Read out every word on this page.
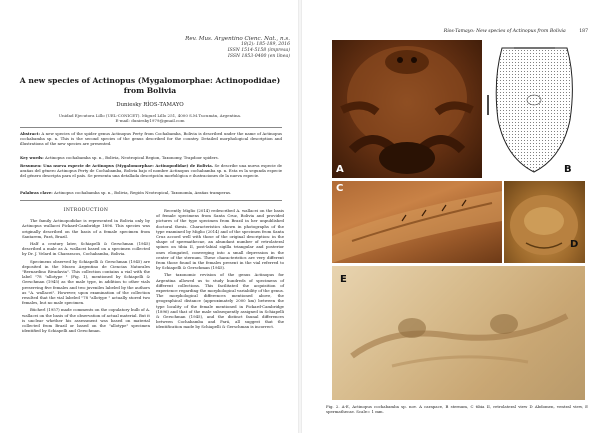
Rev. Mus. Argentino Cienc. Nat., n.s.
18(2): 185-189, 2016
ISSN 1514-5158 (impresa)
ISSN 1853-0400 (en línea)
A new species of Actinopus (Mygalomorphae: Actinopodidae)
from Bolivia
Duniesky RÍOS-TAMAYO
Unidad Ejecutora Lillo (UEL-CONICET). Miguel Lillo 251, 4000 S.M.Tucumán, Argentina.
E-mail: duniesky1979@gmail.com
Abstract: A new species of the spider genus Actinopus Perty from Cochabamba, Bolivia is described under the name of Actinopus cochabamba sp. n. This is the second species of the genus described for the country. Detailed morphological description and illustrations of the new species are presented.
Key words: Actinopus cochabamba sp. n., Bolivia, Neotropical Region, Taxonomy, Trapdoor spiders.
Resumen: Una nueva especie de Actinopus (Mygalomorphae: Actinopodidae) de Bolivia. Se describe una nueva especie de arañas del género Actinopus Perty de Cochabamba, Bolivia bajo el nombre Actinopus cochabamba sp. n. Esta es la segunda especie del género descripta para el país. Se presenta una detallada descripción morfológica e ilustraciones de la nueva especie.
Palabras clave: Actinopus cochabamba sp. n., Bolivia, Región Neotropical, Taxonomía, Arañas tramperas.
INTRODUCTION

The family Actinopodidae is represented in Bolivia only by Actinopus wallacei Pickard-Cambridge 1896. This species was originally described on the basis of a female specimen from Santarem, Pará, Brazil.

Half a century later, Schiapelli & Gerschman (1945) described a male as A. wallacei based on a specimen collected by Dr. J. Velard in Chararacos, Cochabamba, Bolivia.

Specimens observed by Schiapelli & Gerschman (1945) are deposited in the Museo Argentino de Ciencias Naturales "Bernardino Rivadavia". This collection contains a vial with the label "78 "allotype " (Fig. 1), mentioned by Schiapelli & Gerschman (1945) as the male type, in addition to other vials preserving five females and two juveniles labeled by the authors as "A. wallacei". However, upon examination of the collection resulted that the vial labeled "78 "allotype " actually stored two females, but no male specimen.

Bücherl (1957) made comments on the copulatory bulb of A. wallacei on the basis of the observation of actual material. But it is unclear whether his assessment was based on material collected from Brazil or based on the "allotype" specimen identified by Schiapelli and Gerschman.

Recently Miglio (2014) redescribed A. wallacei on the basis of female specimens from Santa Cruz, Bolivia and provided pictures of the type specimen from Brazil in her unpublished doctoral thesis. Characteristics shown in photographs of the type examined by Miglio (2014) and of the specimen from Santa Cruz accord well with those of the original description: in the shape of spermathecae, an abundant number of retrolateral spines on tibia II, post-labial sigilla triangular and posterior ones elongated, converging into a small depression in the center of the sternum. These characteristics are very different from those found in the females present in the vial referred to by Schiapelli & Gerschman (1945).

The taxonomic revision of the genus Actinopus for Argentina allowed us to study hundreds of specimens of different collections. This facilitated the acquisition of experience regarding the morphological variability of the genus. The morphological differences mentioned above, the geographical distance (approximately 2000 km) between the type locality of the female mentioned in Pickard-Cambridge (1896) and that of the male subsequently assigned in Schiapelli & Gerschman (1945), and the distinct faunal differences between Cochabamba and Pará, all suggest that the identification made by Schiapelli & Gerschman is incorrect.

Ríos-Tamayo: New species of Actinopus from Bolivia	187
A	B
C
D
E
Fig. 2. A-E, Actinopus cochabamba sp. nov. A carapace, B sternum, C tibia II, retrolateral view D Abdomen, ventral view, E spermathecae. Scale= 1 mm.
